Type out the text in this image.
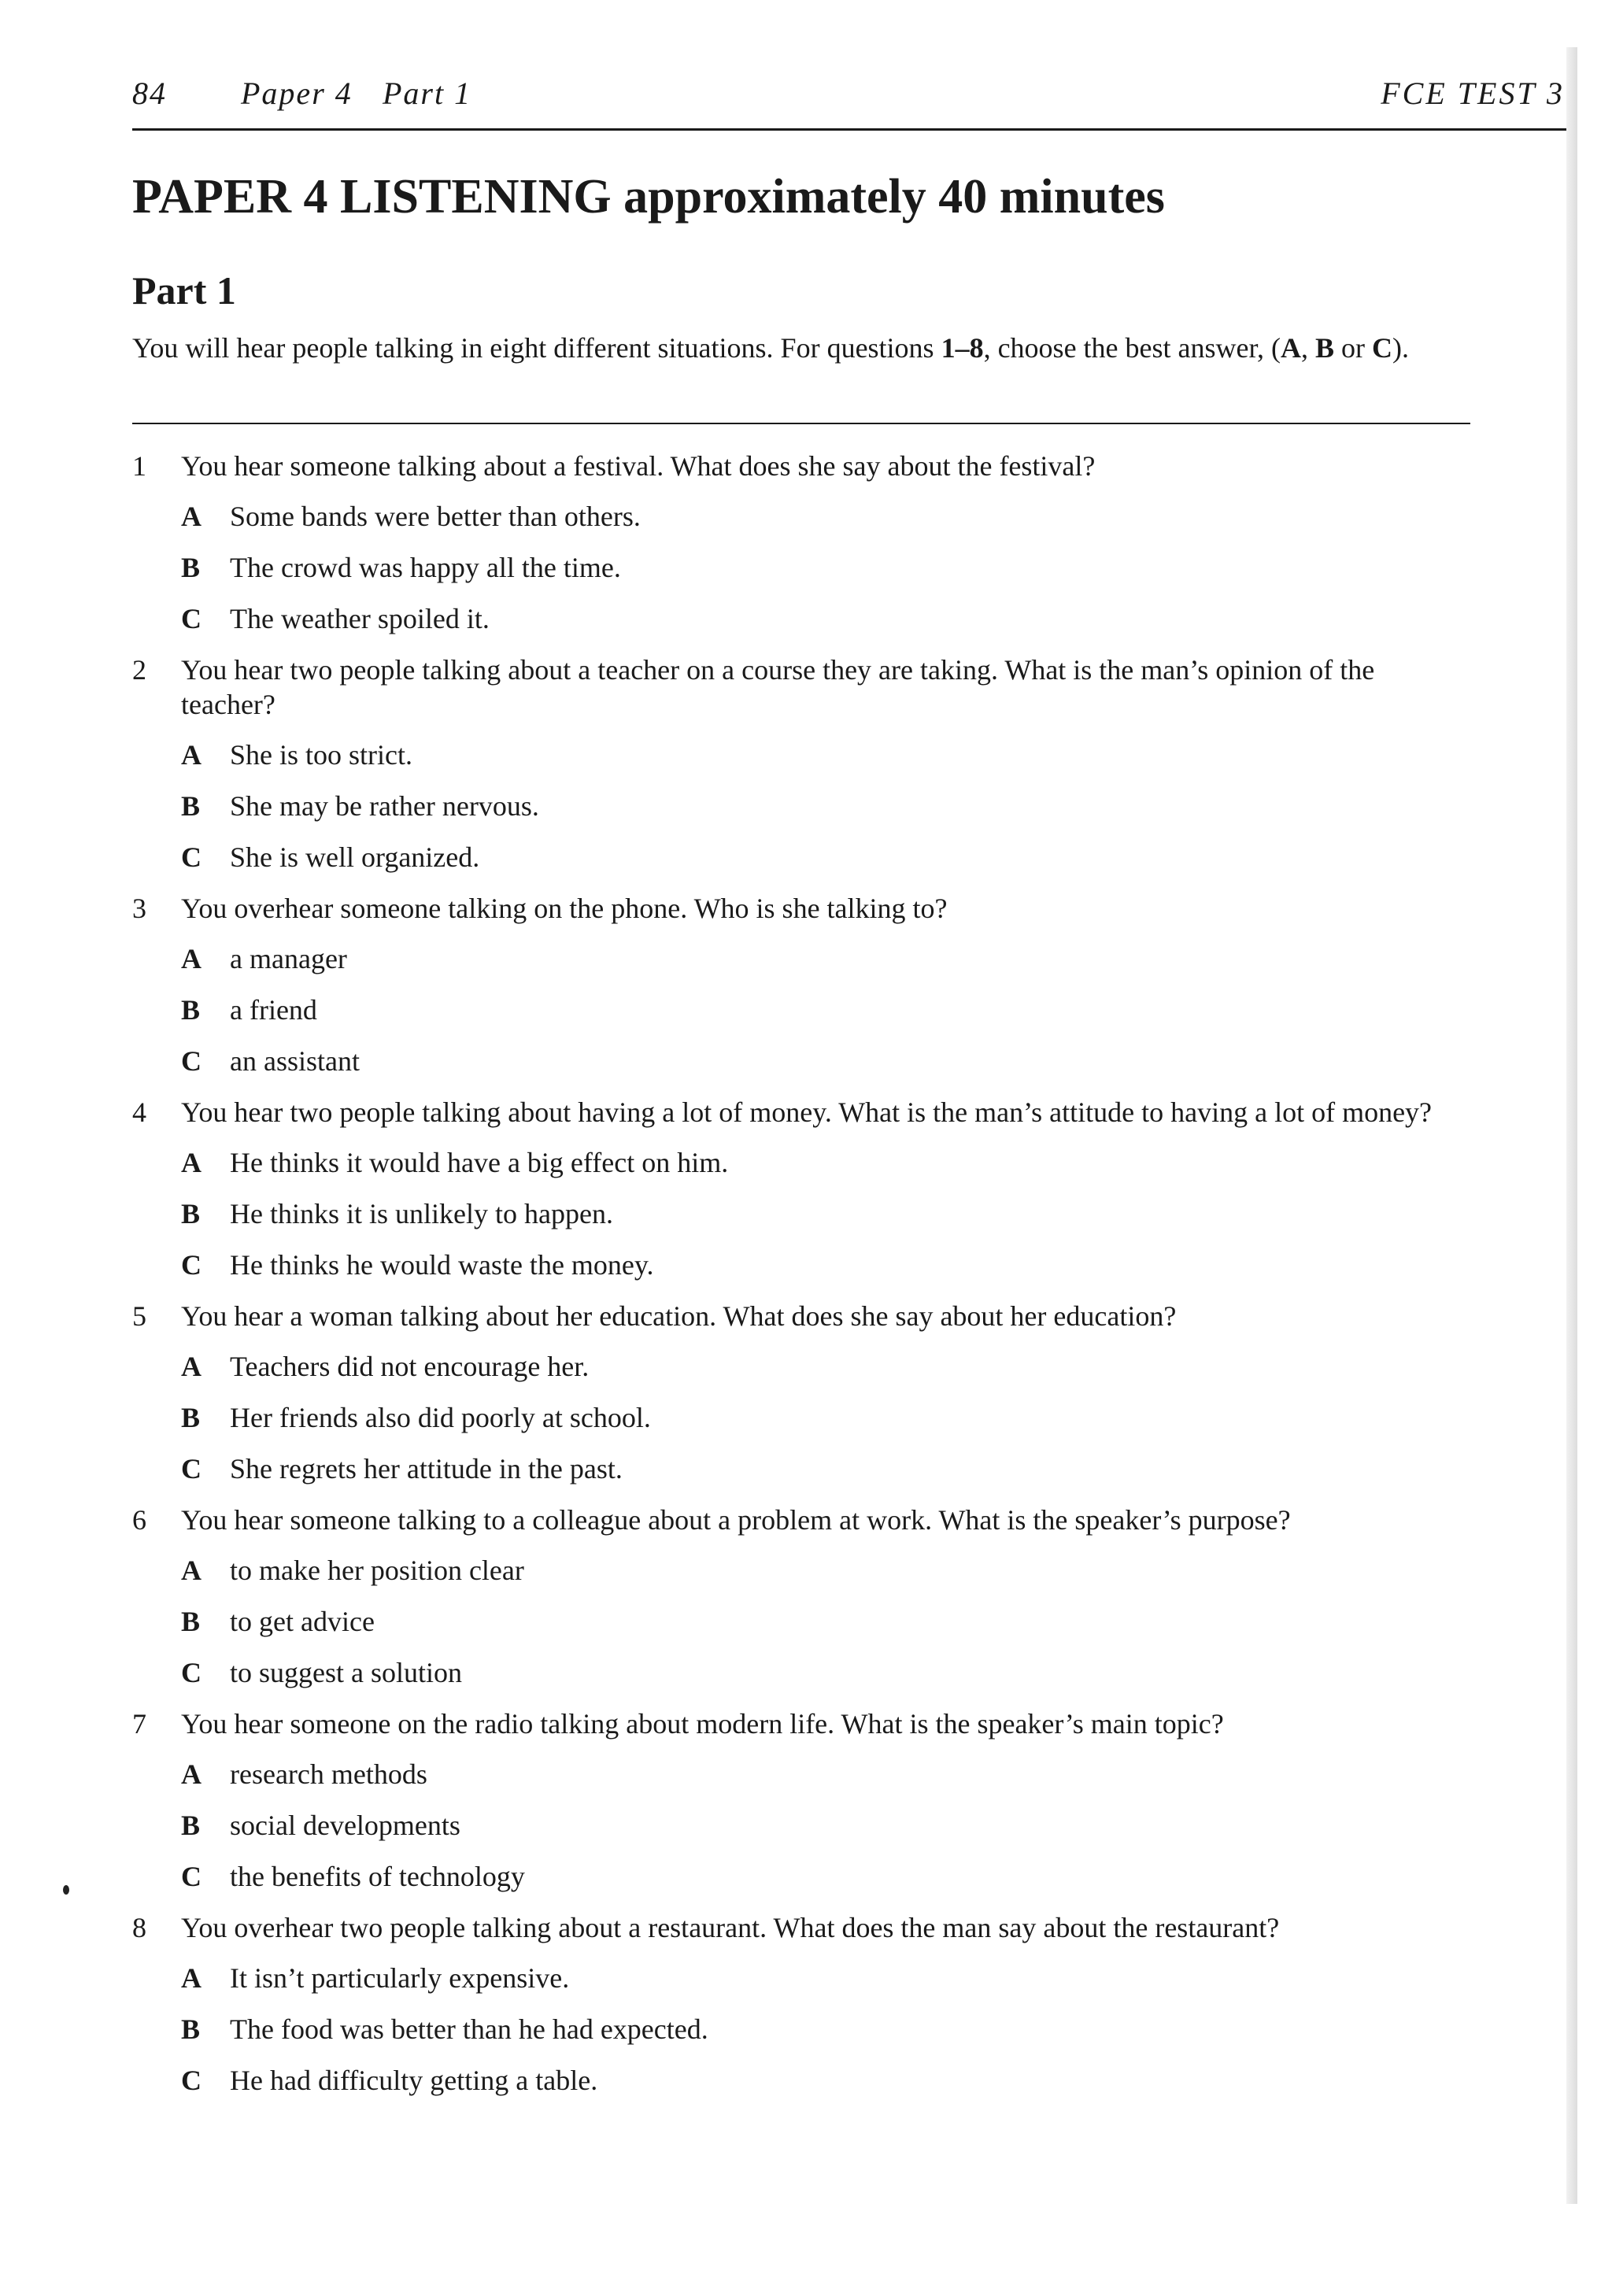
84 Paper 4 Part 1	FCE TEST 3
PAPER 4 LISTENING approximately 40 minutes
Part 1
You will hear people talking in eight different situations. For questions 1–8, choose the best answer, (A, B or C).
1	You hear someone talking about a festival. What does she say about the festival?

A Some bands were better than others.
B The crowd was happy all the time.
C The weather spoiled it.
2	You hear two people talking about a teacher on a course they are taking. What is the man’s opinion of the teacher?

A She is too strict.
B She may be rather nervous.
C She is well organized.
3	You overhear someone talking on the phone. Who is she talking to?

A a manager
B a friend
C an assistant
4	You hear two people talking about having a lot of money. What is the man’s attitude to having a lot of money?

A He thinks it would have a big effect on him.
B He thinks it is unlikely to happen.
C He thinks he would waste the money.
5	You hear a woman talking about her education. What does she say about her education?

A Teachers did not encourage her.
B Her friends also did poorly at school.
C She regrets her attitude in the past.
6	You hear someone talking to a colleague about a problem at work. What is the speaker’s purpose?

A to make her position clear
B to get advice
C to suggest a solution
7	You hear someone on the radio talking about modern life. What is the speaker’s main topic?

A research methods
B social developments
C the benefits of technology
8	You overhear two people talking about a restaurant. What does the man say about the restaurant?

A It isn’t particularly expensive.
B The food was better than he had expected.
C He had difficulty getting a table.
